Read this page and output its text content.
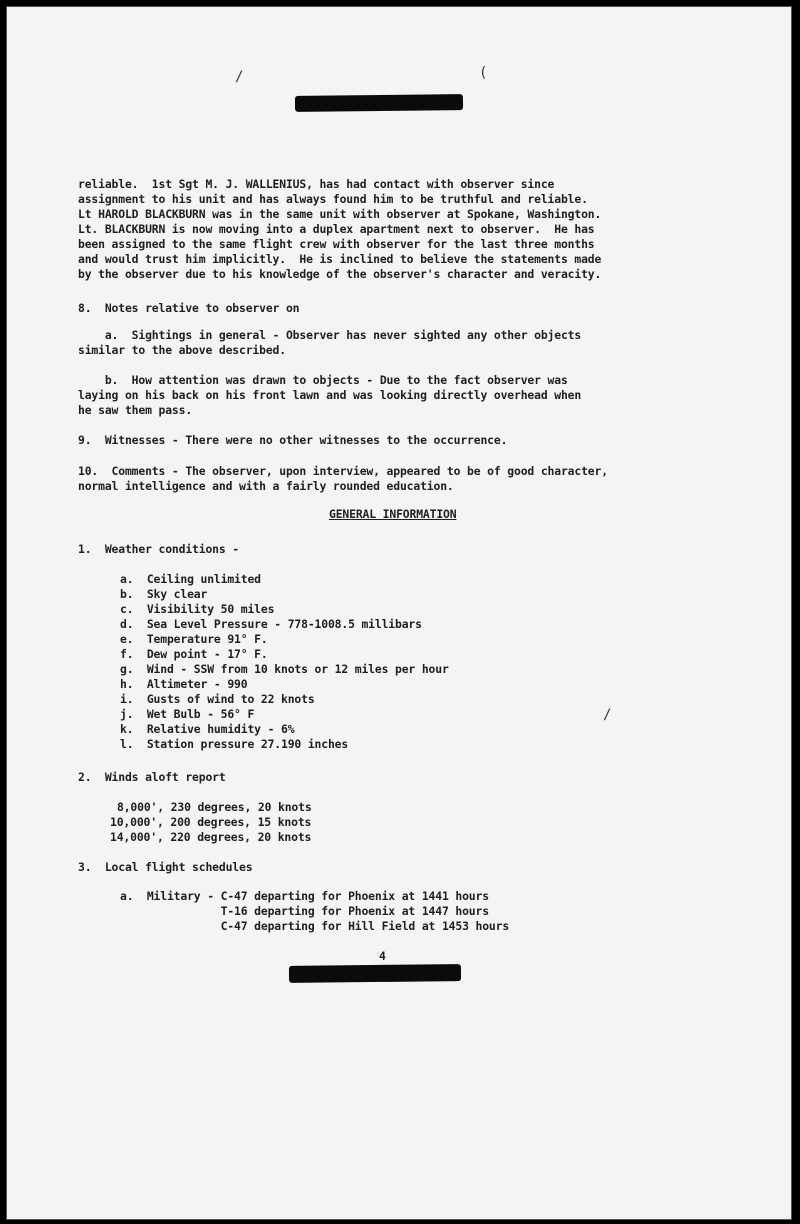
/	(
reliable.  1st Sgt M. J. WALLENIUS, has had contact with observer since
assignment to his unit and has always found him to be truthful and reliable.
Lt HAROLD BLACKBURN was in the same unit with observer at Spokane, Washington.
Lt. BLACKBURN is now moving into a duplex apartment next to observer.  He has
been assigned to the same flight crew with observer for the last three months
and would trust him implicitly.  He is inclined to believe the statements made
by the observer due to his knowledge of the observer's character and veracity.
8.  Notes relative to observer on
a.  Sightings in general - Observer has never sighted any other objects
similar to the above described.
b.  How attention was drawn to objects - Due to the fact observer was
laying on his back on his front lawn and was looking directly overhead when
he saw them pass.
9.  Witnesses - There were no other witnesses to the occurrence.
10.  Comments - The observer, upon interview, appeared to be of good character,
normal intelligence and with a fairly rounded education.
GENERAL INFORMATION
1.  Weather conditions -
a.  Ceiling unlimited
b.  Sky clear
c.  Visibility 50 miles
d.  Sea Level Pressure - 778-1008.5 millibars
e.  Temperature 91° F.
f.  Dew point - 17° F.
g.  Wind - SSW from 10 knots or 12 miles per hour
h.  Altimeter - 990
i.  Gusts of wind to 22 knots
j.  Wet Bulb - 56° F
k.  Relative humidity - 6%
l.  Station pressure 27.190 inches
/
2.  Winds aloft report
8,000', 230 degrees, 20 knots
10,000', 200 degrees, 15 knots
14,000', 220 degrees, 20 knots
3.  Local flight schedules
a.  Military - C-47 departing for Phoenix at 1441 hours
T-16 departing for Phoenix at 1447 hours
C-47 departing for Hill Field at 1453 hours
4
